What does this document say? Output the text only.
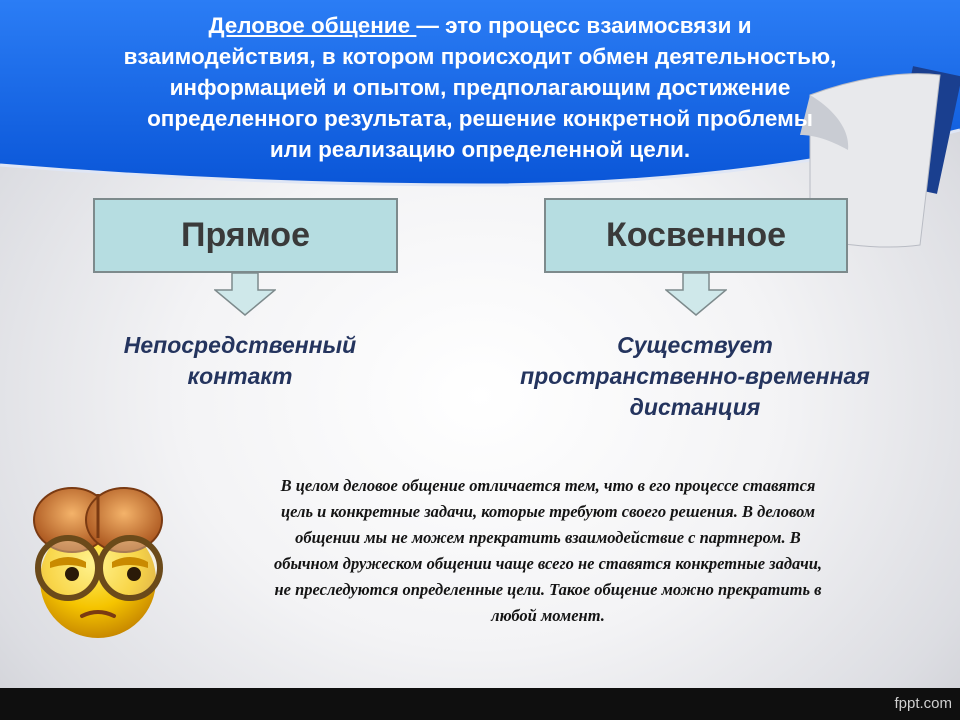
Деловое общение — это процесс взаимосвязи и
взаимодействия, в котором происходит обмен деятельностью,
информацией и опытом, предполагающим достижение
определенного результата, решение конкретной проблемы
или реализацию определенной цели.
Прямое	Косвенное
Непосредственный
контакт
Существует
пространственно-временная
дистанция
В целом деловое общение отличается тем, что в его процессе ставятся
цель и конкретные задачи, которые требуют своего решения. В деловом
общении мы не можем прекратить взаимодействие с партнером. В
обычном дружеском общении чаще всего не ставятся конкретные задачи,
не преследуются определенные цели. Такое общение можно прекратить в
любой момент.
fppt.com
